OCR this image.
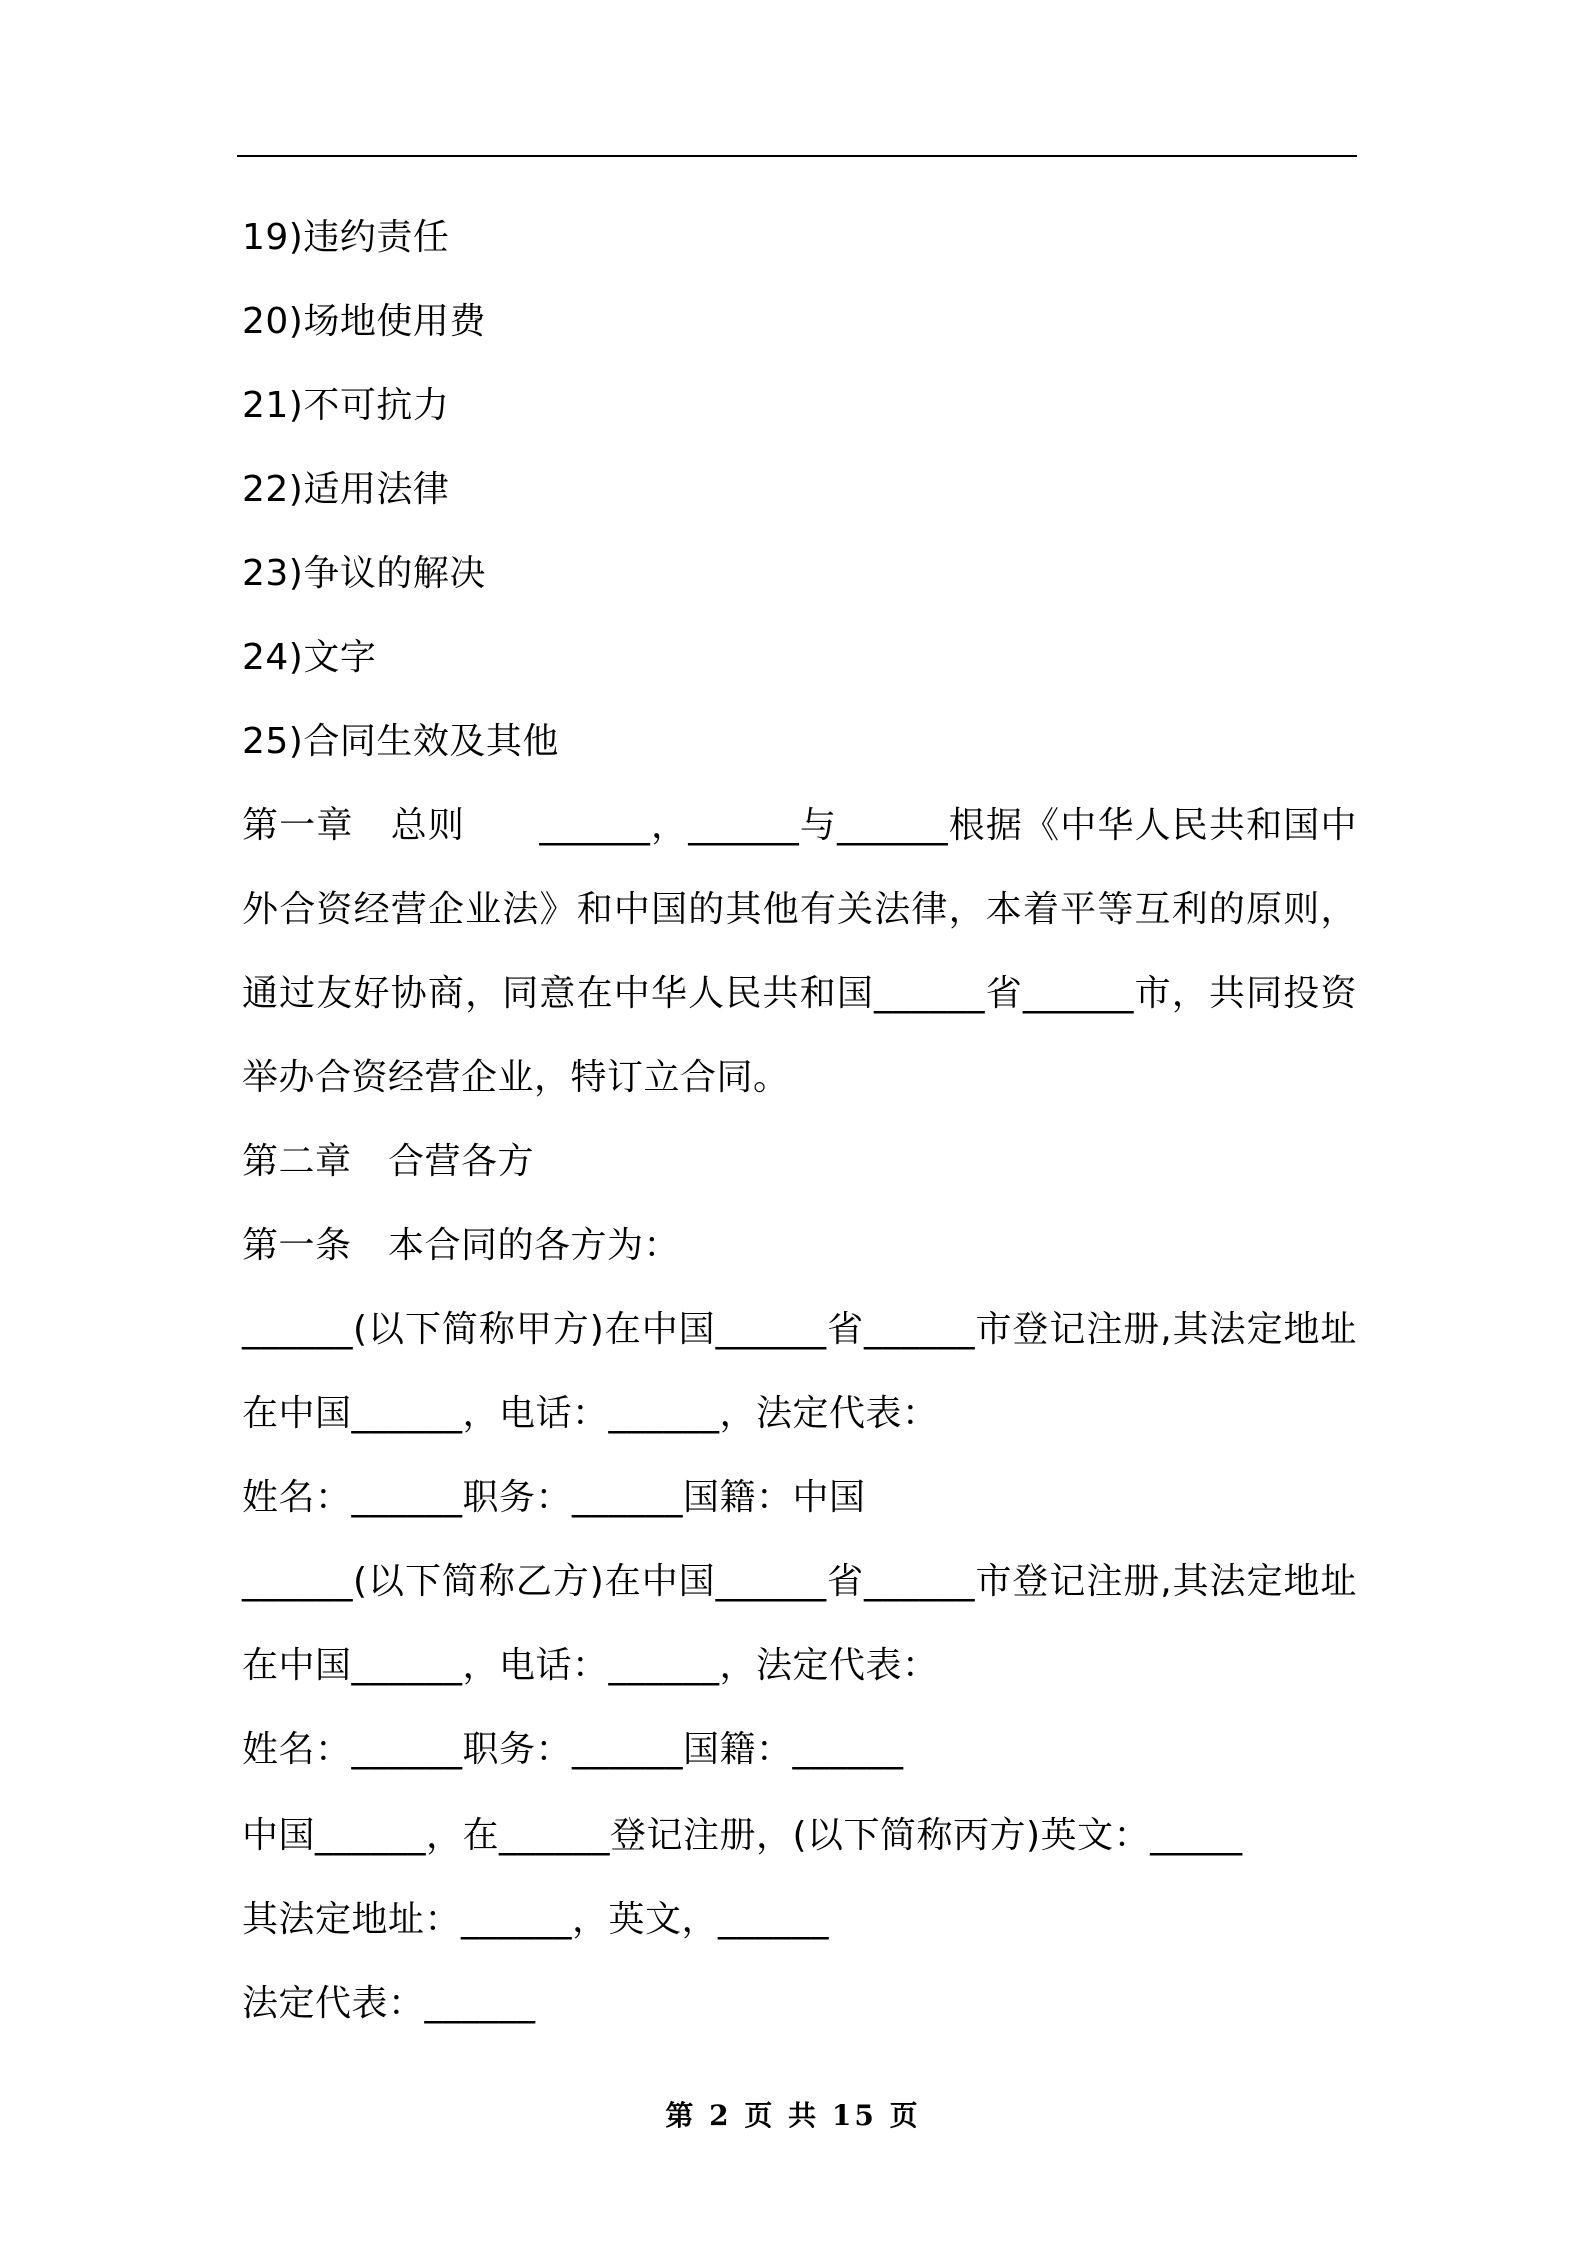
19)违约责任
20)场地使用费
21)不可抗力
22)适用法律
23)争议的解决
24)文字
25)合同生效及其他
第一章　总则　　______，______与______根据《中华人民共和国中
外合资经营企业法》和中国的其他有关法律，本着平等互利的原则，
通过友好协商，同意在中华人民共和国______省______市，共同投资
举办合资经营企业，特订立合同。
第二章　合营各方
第一条　本合同的各方为：
______(以下简称甲方)在中国______省______市登记注册,其法定地址
在中国______，电话：______，法定代表：
姓名：______职务：______国籍：中国
______(以下简称乙方)在中国______省______市登记注册,其法定地址
在中国______，电话：______，法定代表：
姓名：______职务：______国籍：______
中国______，在______登记注册，(以下简称丙方)英文：_____
其法定地址：______，英文，______
法定代表：______
第 2 页 共 15 页
